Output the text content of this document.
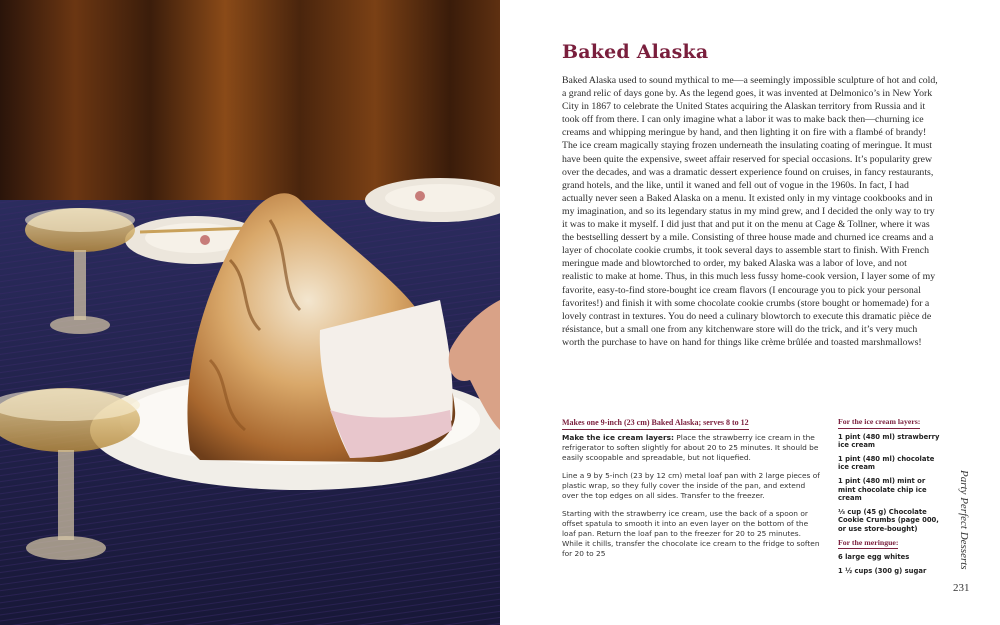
Baked Alaska

Baked Alaska used to sound mythical to me—a seemingly impossible sculpture of hot and cold, a grand relic of days gone by. As the legend goes, it was invented at Delmonico’s in New York City in 1867 to celebrate the United States acquiring the Alaskan territory from Russia and it took off from there. I can only imagine what a labor it was to make back then—churning ice creams and whipping meringue by hand, and then lighting it on fire with a flambé of brandy! The ice cream magically staying frozen underneath the insulating coating of meringue. It must have been quite the expensive, sweet affair reserved for special occasions. It’s popularity grew over the decades, and was a dramatic dessert experience found on cruises, in fancy restaurants, grand hotels, and the like, until it waned and fell out of vogue in the 1960s. In fact, I had actually never seen a Baked Alaska on a menu. It existed only in my vintage cookbooks and in my imagination, and so its legendary status in my mind grew, and I decided the only way to try it was to make it myself. I did just that and put it on the menu at Cage & Tollner, where it was the bestselling dessert by a mile. Consisting of three house made and churned ice creams and a layer of chocolate cookie crumbs, it took several days to assemble start to finish. With French meringue made and blowtorched to order, my baked Alaska was a labor of love, and not realistic to make at home. Thus, in this much less fussy home-cook version, I layer some of my favorite, easy-to-find store-bought ice cream flavors (I encourage you to pick your personal favorites!) and finish it with some chocolate cookie crumbs (store bought or homemade) for a lovely contrast in textures. You do need a culinary blowtorch to execute this dramatic pièce de résistance, but a small one from any kitchenware store will do the trick, and it’s very much worth the purchase to have on hand for things like crème brûlée and toasted marshmallows!

Makes one 9-inch (23 cm) Baked Alaska; serves 8 to 12

Make the ice cream layers: Place the strawberry ice cream in the refrigerator to soften slightly for about 20 to 25 minutes. It should be easily scoopable and spreadable, but not liquefied.

Line a 9 by 5-inch (23 by 12 cm) metal loaf pan with 2 large pieces of plastic wrap, so they fully cover the inside of the pan, and extend over the top edges on all sides. Transfer to the freezer.

Starting with the strawberry ice cream, use the back of a spoon or offset spatula to smooth it into an even layer on the bottom of the loaf pan. Return the loaf pan to the freezer for 20 to 25 minutes. While it chills, transfer the chocolate ice cream to the fridge to soften for 20 to 25

For the ice cream layers:

1 pint (480 ml) strawberry ice cream

1 pint (480 ml) chocolate ice cream

1 pint (480 ml) mint or mint chocolate chip ice cream

⅓ cup (45 g) Chocolate Cookie Crumbs (page 000, or use store-bought)

For the meringue:

6 large egg whites

1 ½ cups (300 g) sugar

Party Perfect Desserts
231
